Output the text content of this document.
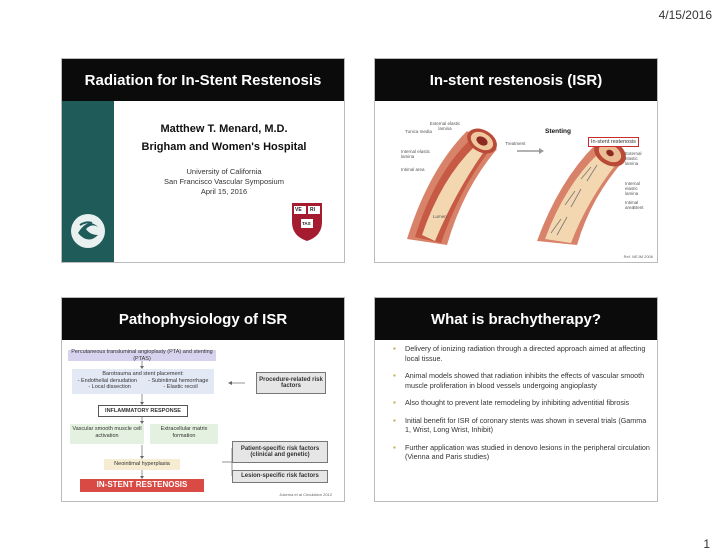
4/15/2016
Radiation for In-Stent Restenosis
Matthew T. Menard, M.D.
Brigham and Women's Hospital
University of California
San Francisco Vascular Symposium
April 15, 2016
VE RI
TAS
In-stent restenosis (ISR)
External elastic lamina
Tunica media
Internal elastic lamina
Intimal area
Lumen
Stenting
Treatment	In-stent restenosis
External elastic lamina
Internal elastic lamina
Intimal area
Stent
Ref. NEJM 2006
Pathophysiology of ISR
Percutaneous transluminal angioplasty (PTA) and stenting (PTAS)
Barotrauma and stent placement:
- Endothelial denudation - Subintimal hemorrhage
- Local dissection	- Elastic recoil
Procedure-related risk factors
INFLAMMATORY RESPONSE
Vascular smooth muscle cell activation
Extracellular matrix formation
Patient-specific risk factors (clinical and genetic)
Neointimal hyperplasia
Lesion-specific risk factors
IN-STENT RESTENOSIS
Jukema et al Circulation 2012
What is brachytherapy?
▪ Delivery of ionizing radiation through a directed approach aimed at affecting local tissue.
▪ Animal models showed that radiation inhibits the effects of vascular smooth muscle proliferation in blood vessels undergoing angioplasty
▪ Also thought to prevent late remodeling by inhibiting adventitial fibrosis
▪ Initial benefit for ISR of coronary stents was shown in several trials (Gamma 1, Wrist, Long Wrist, Inhibit)
▪ Further application was studied in denovo lesions in the peripheral circulation (Vienna and Paris studies)
1
